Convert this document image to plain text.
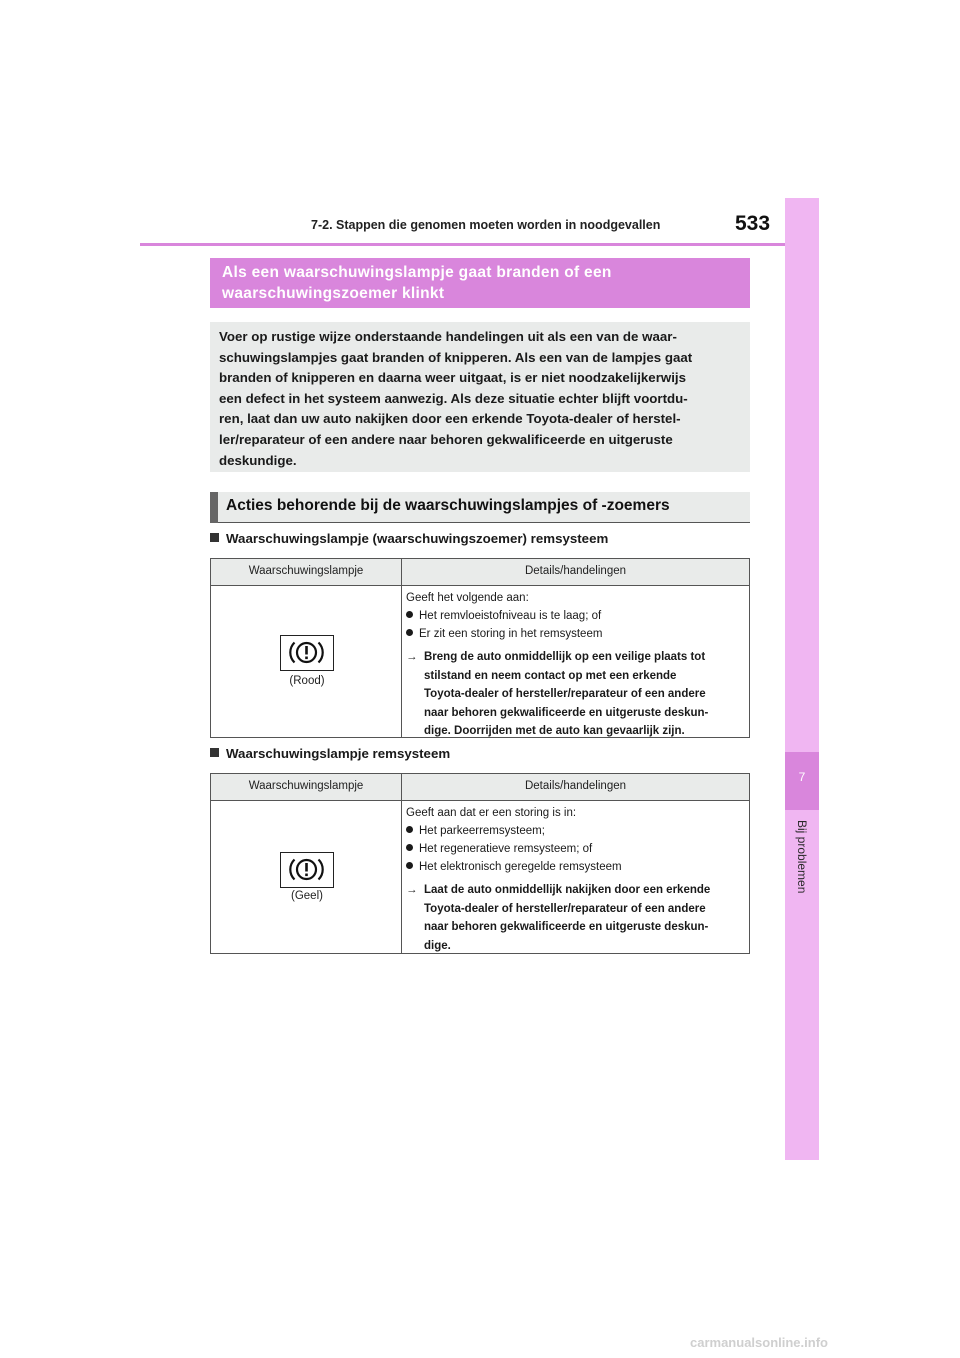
7
Bij problemen
7-2. Stappen die genomen moeten worden in noodgevallen	533
Als een waarschuwingslampje gaat branden of een
waarschuwingszoemer klinkt
Voer op rustige wijze onderstaande handelingen uit als een van de waar-
schuwingslampjes gaat branden of knipperen. Als een van de lampjes gaat
branden of knipperen en daarna weer uitgaat, is er niet noodzakelijkerwijs
een defect in het systeem aanwezig. Als deze situatie echter blijft voortdu-
ren, laat dan uw auto nakijken door een erkende Toyota-dealer of herstel-
ler/reparateur of een andere naar behoren gekwalificeerde en uitgeruste
deskundige.
Acties behorende bij de waarschuwingslampjes of -zoemers
Waarschuwingslampje (waarschuwingszoemer) remsysteem
Waarschuwingslampje	Details/handelingen
(Rood)
Geeft het volgende aan:
Het remvloeistofniveau is te laag; of
Er zit een storing in het remsysteem
→ Breng de auto onmiddellijk op een veilige plaats tot
stilstand en neem contact op met een erkende
Toyota-dealer of hersteller/reparateur of een andere
naar behoren gekwalificeerde en uitgeruste deskun-
dige. Doorrijden met de auto kan gevaarlijk zijn.
Waarschuwingslampje remsysteem
Waarschuwingslampje	Details/handelingen
(Geel)
Geeft aan dat er een storing is in:
Het parkeerremsysteem;
Het regeneratieve remsysteem; of
Het elektronisch geregelde remsysteem
→ Laat de auto onmiddellijk nakijken door een erkende
Toyota-dealer of hersteller/reparateur of een andere
naar behoren gekwalificeerde en uitgeruste deskun-
dige.
carmanualsonline.info
